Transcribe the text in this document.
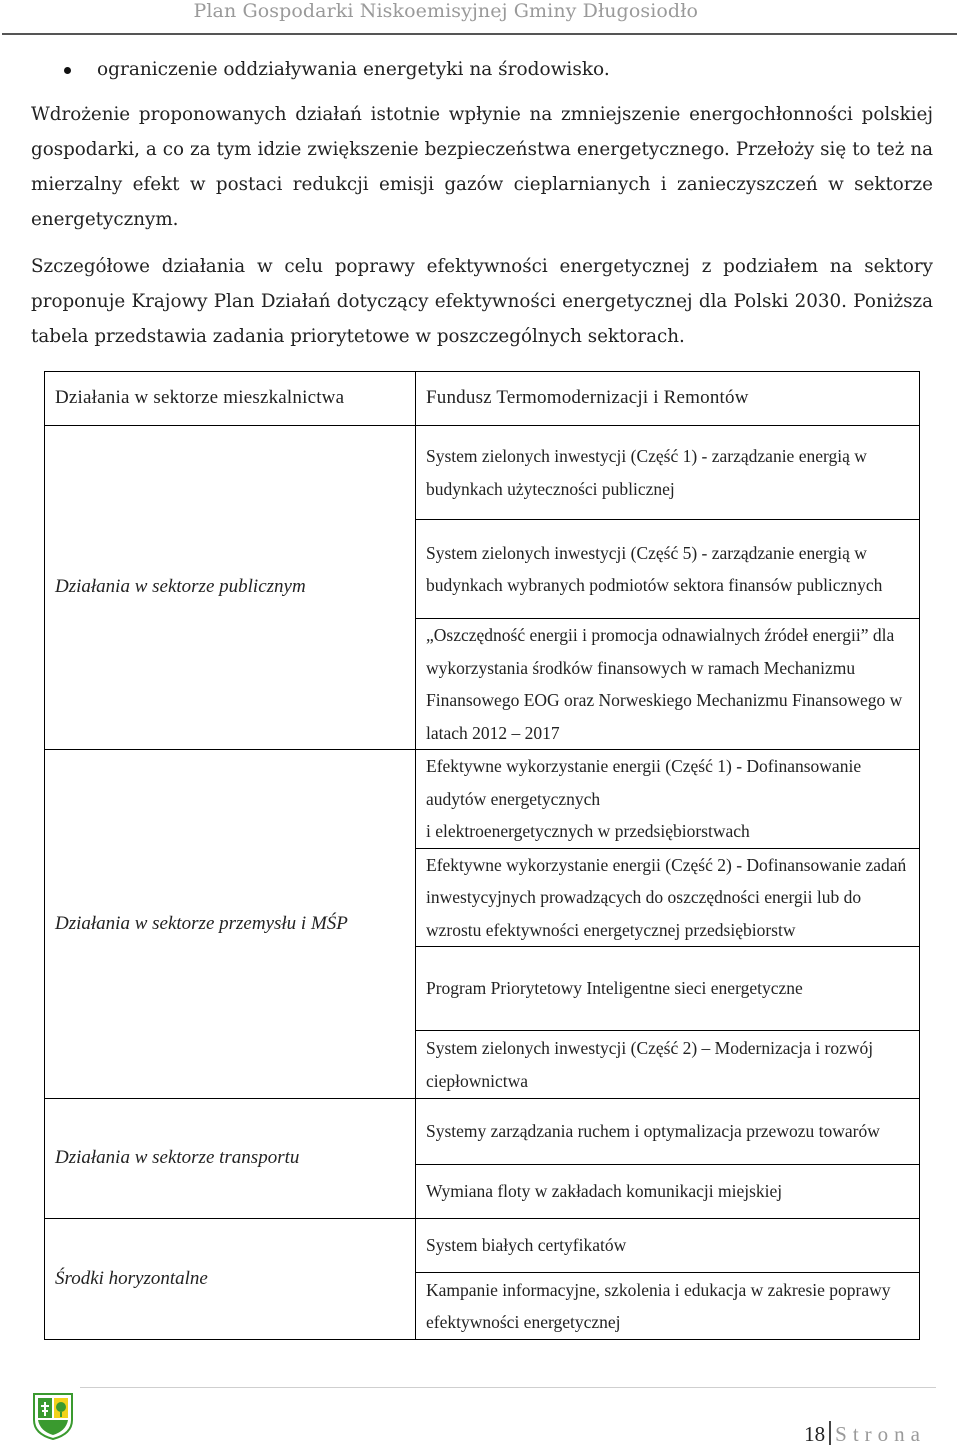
Plan Gospodarki Niskoemisyjnej Gminy Długosiodło
ograniczenie oddziaływania energetyki na środowisko.
Wdrożenie proponowanych działań istotnie wpłynie na zmniejszenie energochłonności polskiej gospodarki, a co za tym idzie zwiększenie bezpieczeństwa energetycznego. Przełoży się to też na mierzalny efekt w postaci redukcji emisji gazów cieplarnianych i zanieczyszczeń w sektorze energetycznym.
Szczegółowe działania w celu poprawy efektywności energetycznej z podziałem na sektory proponuje Krajowy Plan Działań dotyczący efektywności energetycznej dla Polski 2030. Poniższa tabela przedstawia zadania priorytetowe w poszczególnych sektorach.
Działania w sektorze mieszkalnictwa	Fundusz Termomodernizacji i Remontów
Działania w sektorze publicznym	System zielonych inwestycji (Część 1) - zarządzanie energią w budynkach użyteczności publicznej
	System zielonych inwestycji (Część 5) - zarządzanie energią w budynkach wybranych podmiotów sektora finansów publicznych
	„Oszczędność energii i promocja odnawialnych źródeł energii” dla wykorzystania środków finansowych w ramach Mechanizmu Finansowego EOG oraz Norweskiego Mechanizmu Finansowego w latach 2012 – 2017
Działania w sektorze przemysłu i MŚP	Efektywne wykorzystanie energii (Część 1) - Dofinansowanie audytów energetycznych
i elektroenergetycznych w przedsiębiorstwach
	Efektywne wykorzystanie energii (Część 2) - Dofinansowanie zadań inwestycyjnych prowadzących do oszczędności energii lub do wzrostu efektywności energetycznej przedsiębiorstw
	Program Priorytetowy Inteligentne sieci energetyczne
	System zielonych inwestycji (Część 2) – Modernizacja i rozwój ciepłownictwa
Działania w sektorze transportu	Systemy zarządzania ruchem i optymalizacja przewozu towarów
	Wymiana floty w zakładach komunikacji miejskiej
Środki horyzontalne	System białych certyfikatów
	Kampanie informacyjne, szkolenia i edukacja w zakresie poprawy efektywności energetycznej
18 Strona
